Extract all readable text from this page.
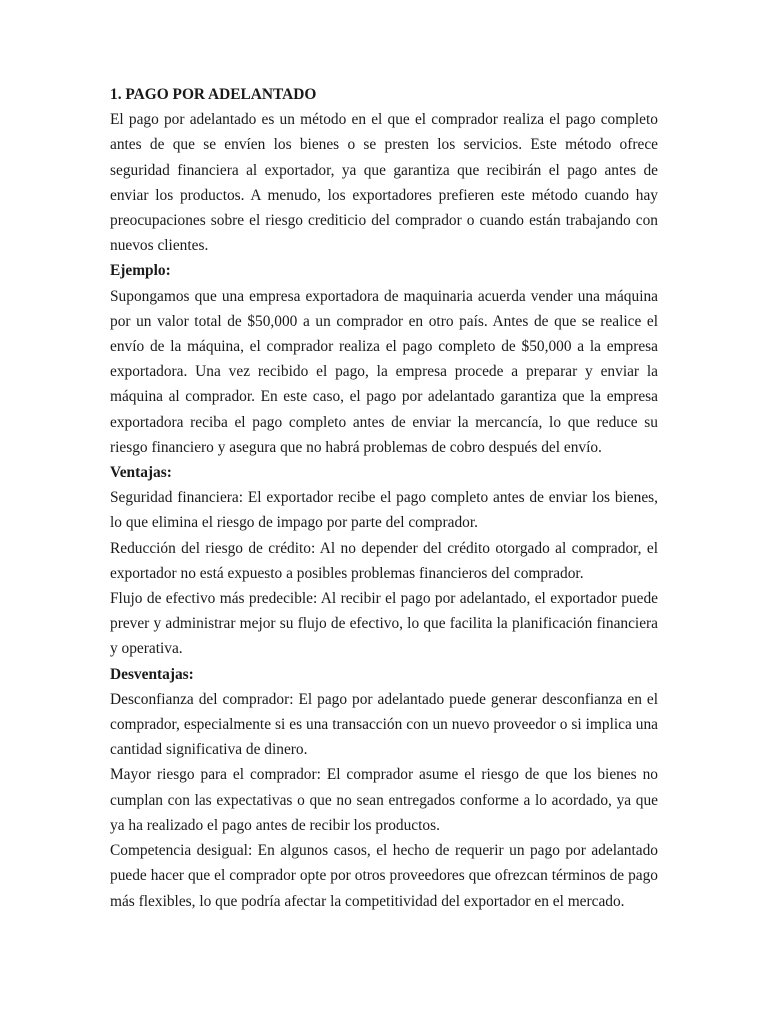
1. PAGO POR ADELANTADO

El pago por adelantado es un método en el que el comprador realiza el pago completo antes de que se envíen los bienes o se presten los servicios. Este método ofrece seguridad financiera al exportador, ya que garantiza que recibirán el pago antes de enviar los productos. A menudo, los exportadores prefieren este método cuando hay preocupaciones sobre el riesgo crediticio del comprador o cuando están trabajando con nuevos clientes.

Ejemplo:

Supongamos que una empresa exportadora de maquinaria acuerda vender una máquina por un valor total de $50,000 a un comprador en otro país. Antes de que se realice el envío de la máquina, el comprador realiza el pago completo de $50,000 a la empresa exportadora. Una vez recibido el pago, la empresa procede a preparar y enviar la máquina al comprador. En este caso, el pago por adelantado garantiza que la empresa exportadora reciba el pago completo antes de enviar la mercancía, lo que reduce su riesgo financiero y asegura que no habrá problemas de cobro después del envío.

Ventajas:

Seguridad financiera: El exportador recibe el pago completo antes de enviar los bienes, lo que elimina el riesgo de impago por parte del comprador.

Reducción del riesgo de crédito: Al no depender del crédito otorgado al comprador, el exportador no está expuesto a posibles problemas financieros del comprador.

Flujo de efectivo más predecible: Al recibir el pago por adelantado, el exportador puede prever y administrar mejor su flujo de efectivo, lo que facilita la planificación financiera y operativa.

Desventajas:

Desconfianza del comprador: El pago por adelantado puede generar desconfianza en el comprador, especialmente si es una transacción con un nuevo proveedor o si implica una cantidad significativa de dinero.

Mayor riesgo para el comprador: El comprador asume el riesgo de que los bienes no cumplan con las expectativas o que no sean entregados conforme a lo acordado, ya que ya ha realizado el pago antes de recibir los productos.

Competencia desigual: En algunos casos, el hecho de requerir un pago por adelantado puede hacer que el comprador opte por otros proveedores que ofrezcan términos de pago más flexibles, lo que podría afectar la competitividad del exportador en el mercado.
